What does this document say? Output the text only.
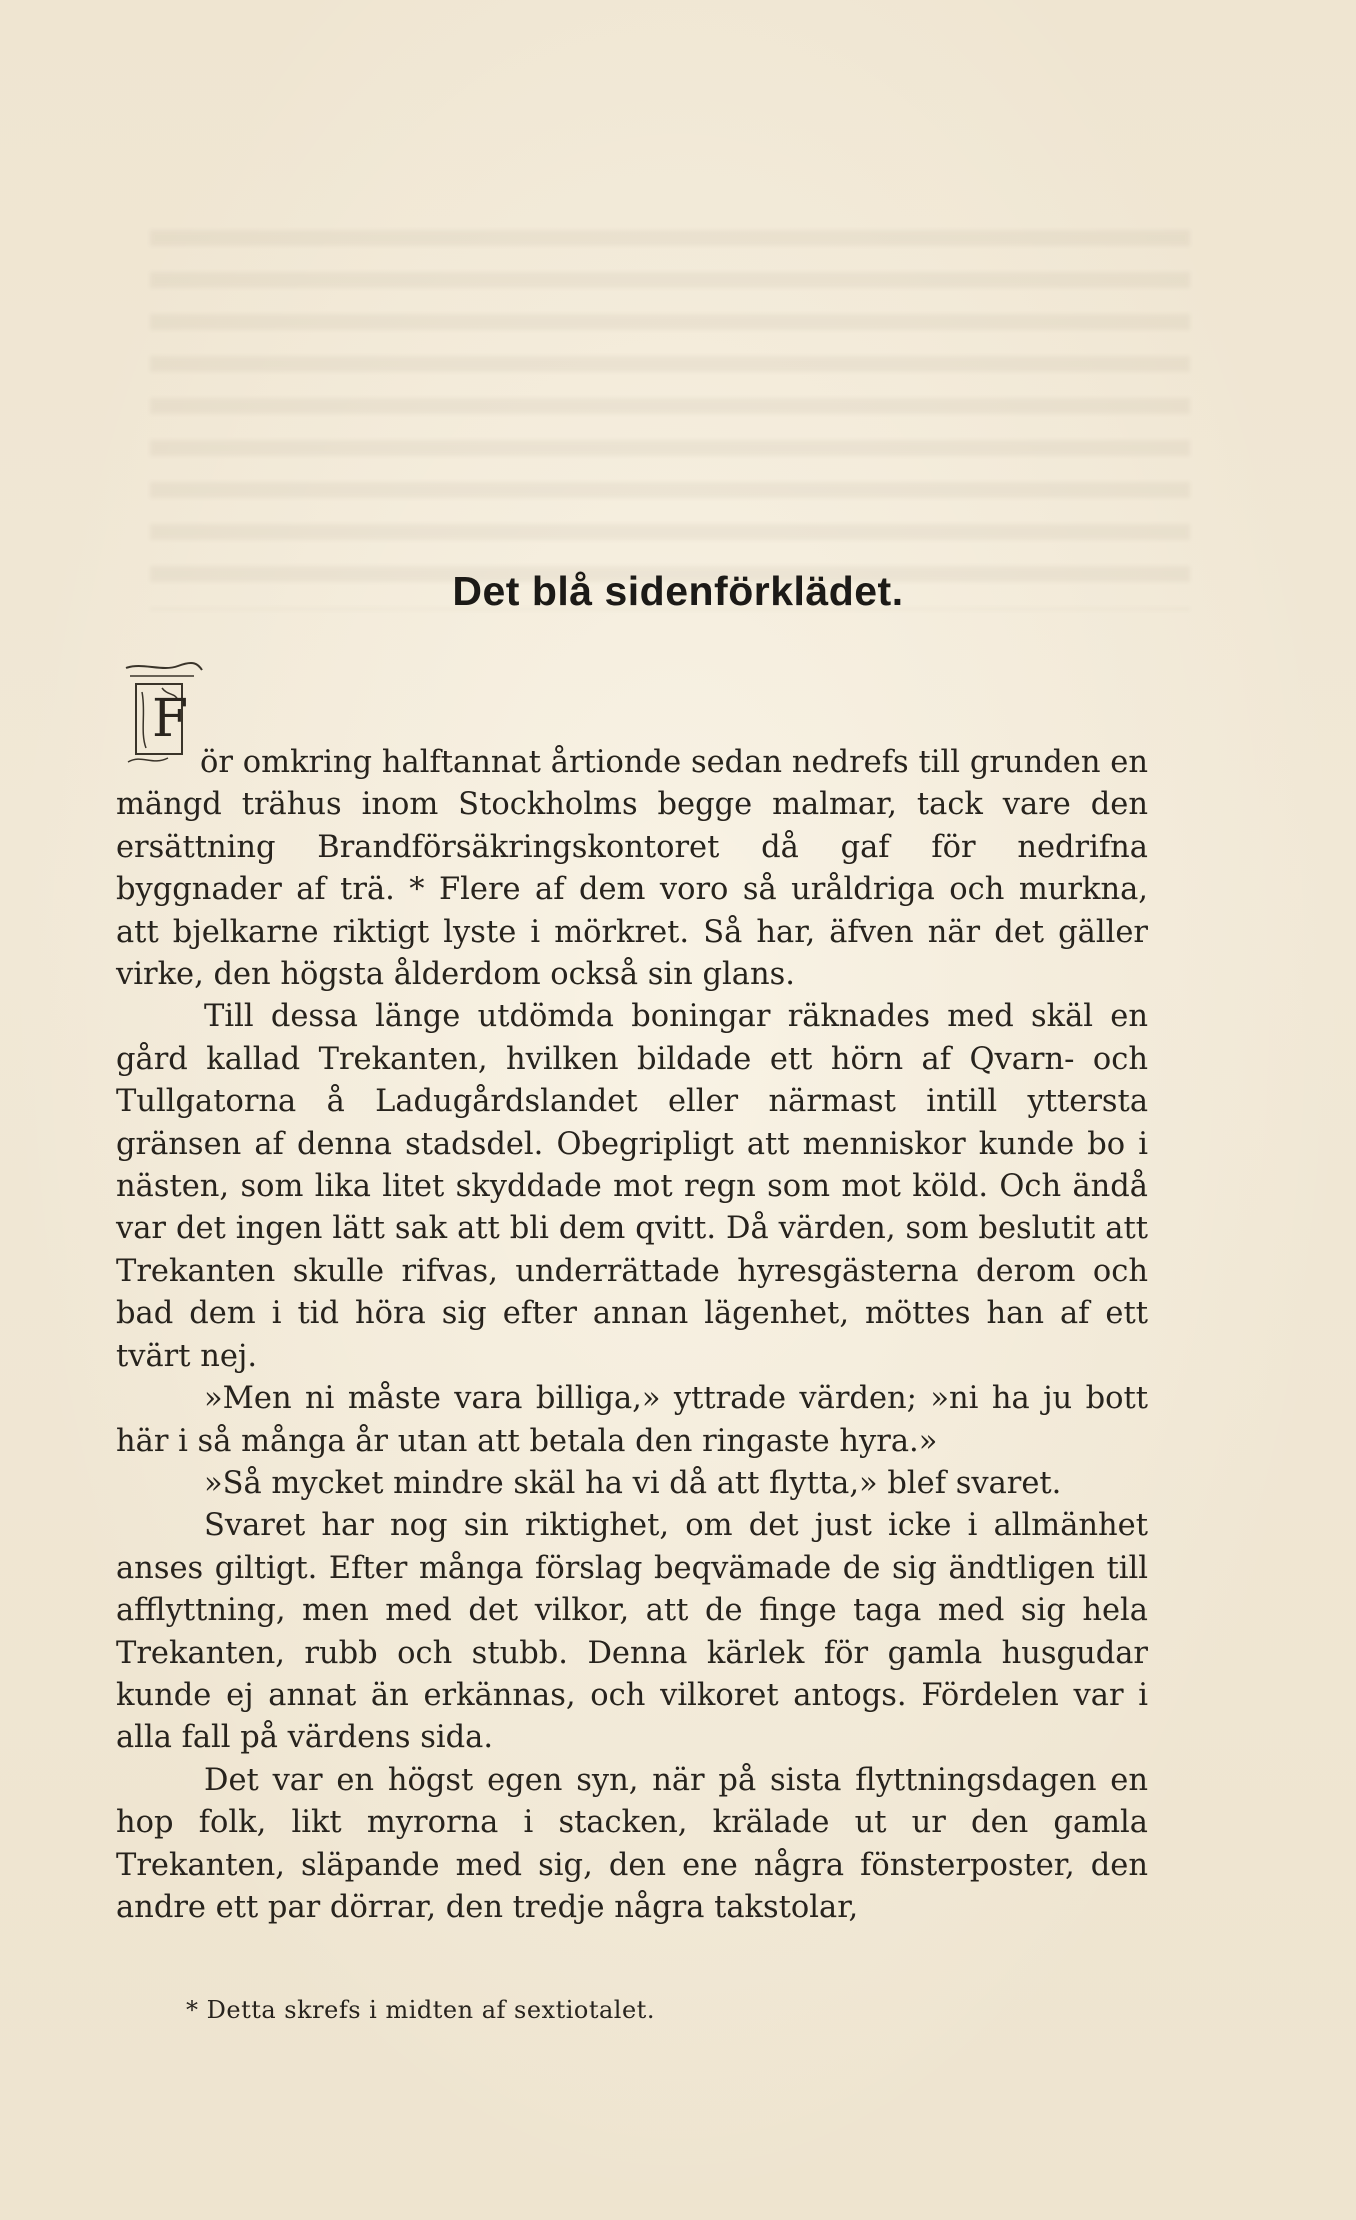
Det blå sidenförklädet.
F

ör omkring halftannat årtionde sedan nedrefs till grunden en mängd trähus inom Stockholms begge malmar, tack vare den ersättning Brandförsäkringskontoret då gaf för nedrifna byggnader af trä. * Flere af dem voro så uråldriga och murkna, att bjelkarne riktigt lyste i mörkret. Så har, äfven när det gäller virke, den högsta ålderdom också sin glans.

Till dessa länge utdömda boningar räknades med skäl en gård kallad Trekanten, hvilken bildade ett hörn af Qvarn- och Tullgatorna å Ladugårdslandet eller närmast intill yttersta gränsen af denna stadsdel. Obegripligt att menniskor kunde bo i nästen, som lika litet skyddade mot regn som mot köld. Och ändå var det ingen lätt sak att bli dem qvitt. Då värden, som beslutit att Trekanten skulle rifvas, underrättade hyresgästerna derom och bad dem i tid höra sig efter annan lägenhet, möttes han af ett tvärt nej.

»Men ni måste vara billiga,» yttrade värden; »ni ha ju bott här i så många år utan att betala den ringaste hyra.»

»Så mycket mindre skäl ha vi då att flytta,» blef svaret.

Svaret har nog sin riktighet, om det just icke i allmänhet anses giltigt. Efter många förslag beqvämade de sig ändtligen till afflyttning, men med det vilkor, att de finge taga med sig hela Trekanten, rubb och stubb. Denna kärlek för gamla husgudar kunde ej annat än erkännas, och vilkoret antogs. Fördelen var i alla fall på värdens sida.

Det var en högst egen syn, när på sista flyttningsdagen en hop folk, likt myrorna i stacken, krälade ut ur den gamla Trekanten, släpande med sig, den ene några fönsterposter, den andre ett par dörrar, den tredje några takstolar,

* Detta skrefs i midten af sextiotalet.
